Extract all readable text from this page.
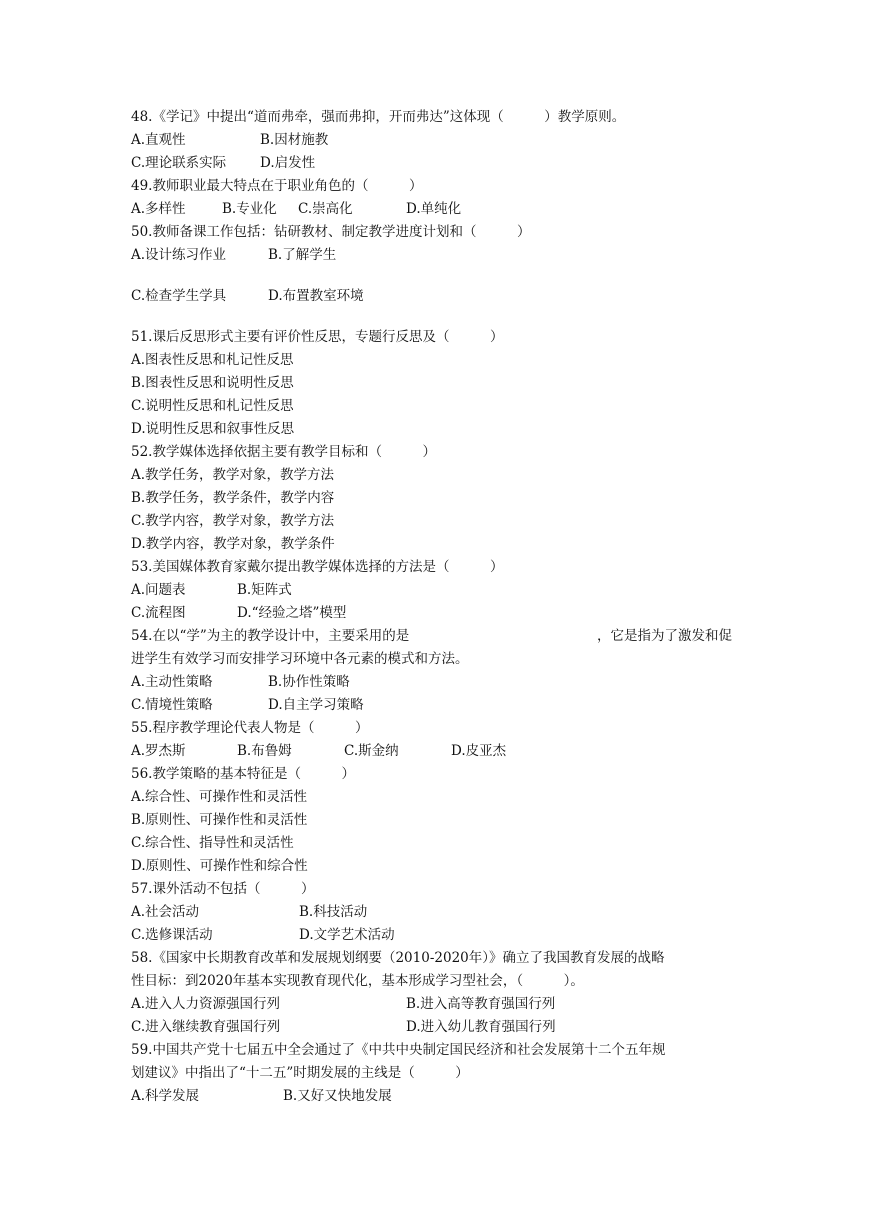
48.《学记》中提出“道而弗牵，强而弗抑，开而弗达”这体现（　　　）教学原则。

A.直观性

	B.因材施教

C.理论联系实际

	D.启发性

49.教师职业最大特点在于职业角色的（　　　）

A.多样性

	B.专业化

C.崇高化

	D.单纯化

50.教师备课工作包括：钻研教材、制定教学进度计划和（　　　）

A.设计练习作业

	B.了解学生

C.检查学生学具

	D.布置教室环境

51.课后反思形式主要有评价性反思，专题行反思及（　　　）

A.图表性反思和札记性反思

B.图表性反思和说明性反思

C.说明性反思和札记性反思

D.说明性反思和叙事性反思

52.教学媒体选择依据主要有教学目标和（　　　）

A.教学任务，教学对象，教学方法

B.教学任务，教学条件，教学内容

C.教学内容，教学对象，教学方法

D.教学内容，教学对象，教学条件

53.美国媒体教育家戴尔提出教学媒体选择的方法是（　　　）

A.问题表

	B.矩阵式

C.流程图

	D.“经验之塔”模型

54.在以“学”为主的教学设计中，主要采用的是

	，它是指为了激发和促

进学生有效学习而安排学习环境中各元素的模式和方法。

A.主动性策略

	B.协作性策略

C.情境性策略

	D.自主学习策略

55.程序教学理论代表人物是（　　　）

A.罗杰斯

	B.布鲁姆

	C.斯金纳

	D.皮亚杰

56.教学策略的基本特征是（　　　）

A.综合性、可操作性和灵活性

B.原则性、可操作性和灵活性

C.综合性、指导性和灵活性

D.原则性、可操作性和综合性

57.课外活动不包括（　　　）

A.社会活动

	B.科技活动

C.选修课活动

	D.文学艺术活动

58.《国家中长期教育改革和发展规划纲要（2010-2020年）》确立了我国教育发展的战略

性目标：到2020年基本实现教育现代化，基本形成学习型社会，（　　　）。

A.进入人力资源强国行列

	B.进入高等教育强国行列

C.进入继续教育强国行列

	D.进入幼儿教育强国行列

59.中国共产党十七届五中全会通过了《中共中央制定国民经济和社会发展第十二个五年规

划建议》中指出了“十二五”时期发展的主线是（　　　）

A.科学发展

	B.又好又快地发展
